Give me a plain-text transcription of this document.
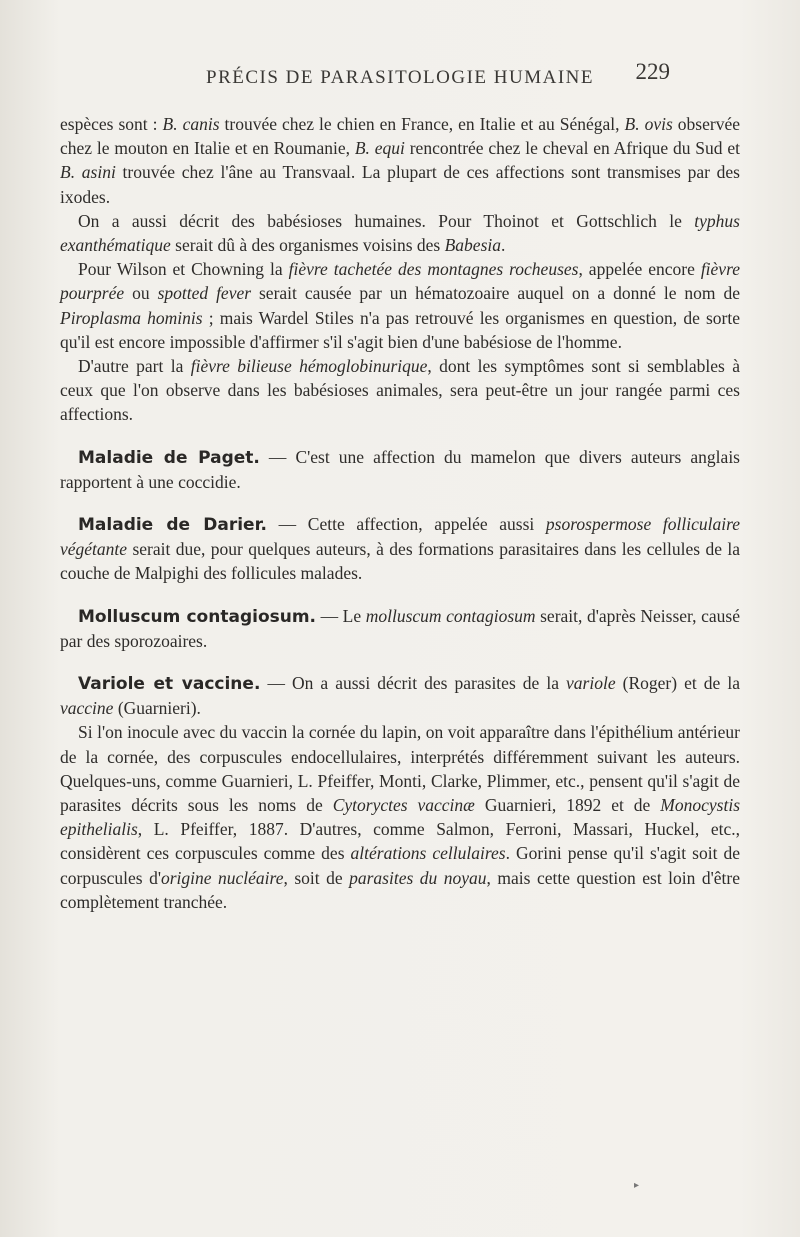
PRÉCIS DE PARASITOLOGIE HUMAINE	229

espèces sont : B. canis trouvée chez le chien en France, en Italie et au Sénégal, B. ovis observée chez le mouton en Italie et en Roumanie, B. equi rencontrée chez le cheval en Afrique du Sud et B. asini trouvée chez l'âne au Transvaal. La plupart de ces affections sont transmises par des ixodes.

On a aussi décrit des babésioses humaines. Pour Thoinot et Gottschlich le typhus exanthématique serait dû à des organismes voisins des Babesia.

Pour Wilson et Chowning la fièvre tachetée des montagnes rocheuses, appelée encore fièvre pourprée ou spotted fever serait causée par un hématozoaire auquel on a donné le nom de Piroplasma hominis ; mais Wardel Stiles n'a pas retrouvé les organismes en question, de sorte qu'il est encore impossible d'affirmer s'il s'agit bien d'une babésiose de l'homme.

D'autre part la fièvre bilieuse hémoglobinurique, dont les symptômes sont si semblables à ceux que l'on observe dans les babésioses animales, sera peut-être un jour rangée parmi ces affections.

Maladie de Paget. — C'est une affection du mamelon que divers auteurs anglais rapportent à une coccidie.

Maladie de Darier. — Cette affection, appelée aussi psorospermose folliculaire végétante serait due, pour quelques auteurs, à des formations parasitaires dans les cellules de la couche de Malpighi des follicules malades.

Molluscum contagiosum. — Le molluscum contagiosum serait, d'après Neisser, causé par des sporozoaires.

Variole et vaccine. — On a aussi décrit des parasites de la variole (Roger) et de la vaccine (Guarnieri).

Si l'on inocule avec du vaccin la cornée du lapin, on voit apparaître dans l'épithélium antérieur de la cornée, des corpuscules endocellulaires, interprétés différemment suivant les auteurs. Quelques-uns, comme Guarnieri, L. Pfeiffer, Monti, Clarke, Plimmer, etc., pensent qu'il s'agit de parasites décrits sous les noms de Cytoryctes vaccinæ Guarnieri, 1892 et de Monocystis epithelialis, L. Pfeiffer, 1887. D'autres, comme Salmon, Ferroni, Massari, Huckel, etc., considèrent ces corpuscules comme des altérations cellulaires. Gorini pense qu'il s'agit soit de corpuscules d'origine nucléaire, soit de parasites du noyau, mais cette question est loin d'être complètement tranchée.

▸
